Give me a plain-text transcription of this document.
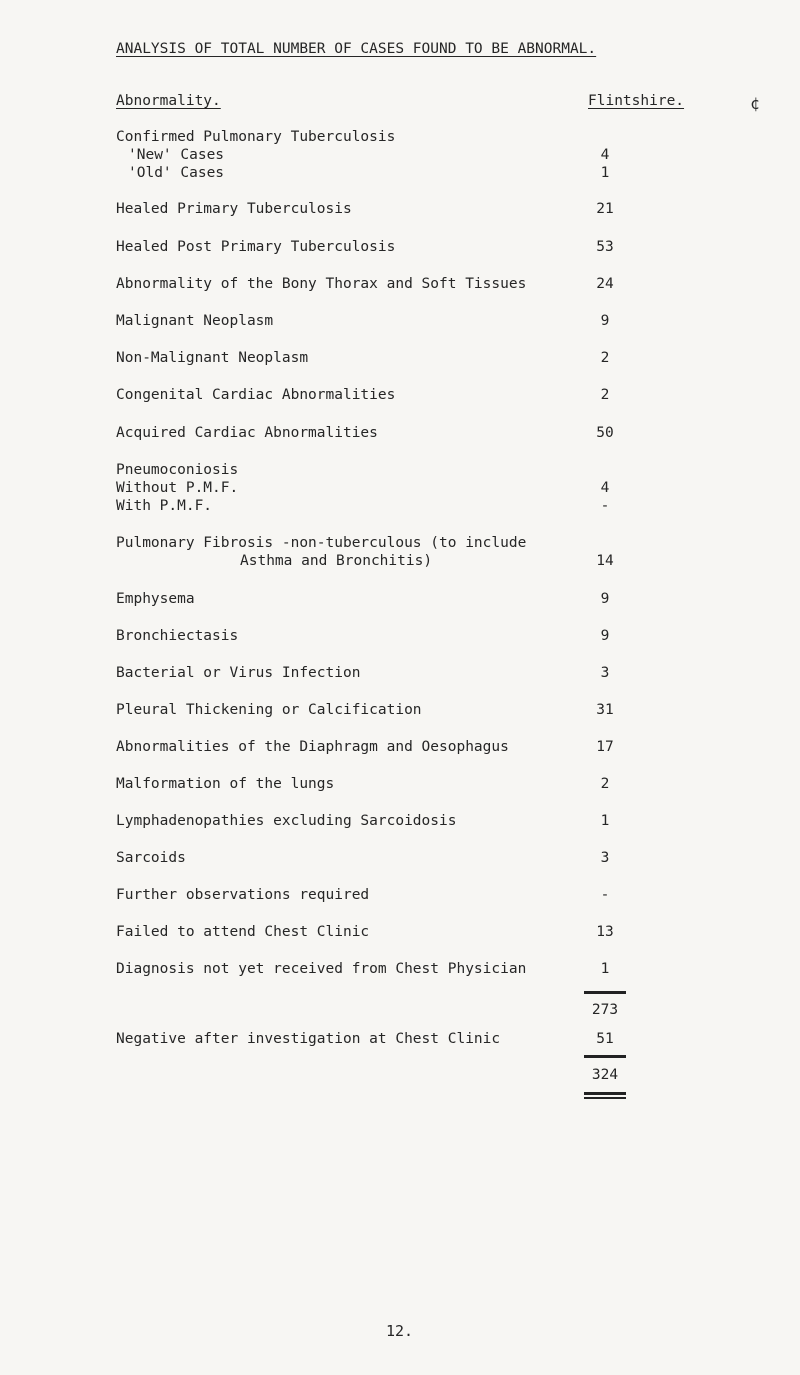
ANALYSIS OF TOTAL NUMBER OF CASES FOUND TO BE ABNORMAL.
¢
Abnormality.	Flintshire.
Confirmed Pulmonary Tuberculosis
'New' Cases	4
'Old' Cases	1
Healed Primary Tuberculosis	21
Healed Post Primary Tuberculosis	53
Abnormality of the Bony Thorax and Soft Tissues	24
Malignant Neoplasm	9
Non-Malignant Neoplasm	2
Congenital Cardiac Abnormalities	2
Acquired Cardiac Abnormalities	50
Pneumoconiosis
Without P.M.F.	4
With P.M.F.	-
Pulmonary Fibrosis -non-tuberculous (to include
Asthma and Bronchitis)	14
Emphysema	9
Bronchiectasis	9
Bacterial or Virus Infection	3
Pleural Thickening or Calcification	31
Abnormalities of the Diaphragm and Oesophagus	17
Malformation of the lungs	2
Lymphadenopathies excluding Sarcoidosis	1
Sarcoids	3
Further observations required	-
Failed to attend Chest Clinic	13
Diagnosis not yet received from Chest Physician	1
273
Negative after investigation at Chest Clinic	51
324
12.
